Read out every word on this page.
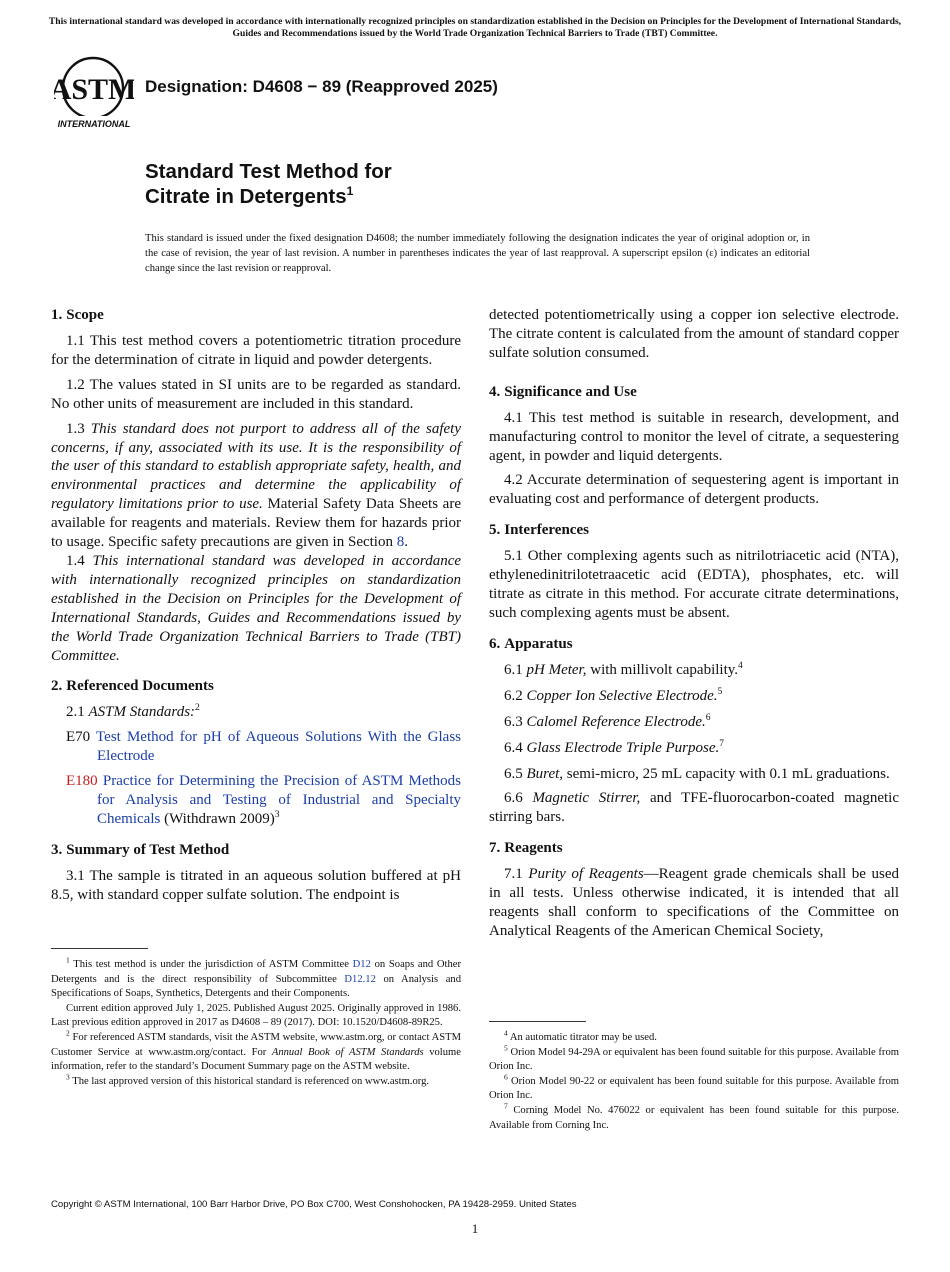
This international standard was developed in accordance with internationally recognized principles on standardization established in the Decision on Principles for the Development of International Standards, Guides and Recommendations issued by the World Trade Organization Technical Barriers to Trade (TBT) Committee.
ASTM
INTERNATIONAL
Designation: D4608 − 89 (Reapproved 2025)
Standard Test Method for
Citrate in Detergents$^1$
This standard is issued under the fixed designation D4608; the number immediately following the designation indicates the year of original adoption or, in the case of revision, the year of last revision. A number in parentheses indicates the year of last reapproval. A superscript epsilon (ε) indicates an editorial change since the last revision or reapproval.
1. Scope

1.1 This test method covers a potentiometric titration procedure for the determination of citrate in liquid and powder detergents.

1.2 The values stated in SI units are to be regarded as standard. No other units of measurement are included in this standard.

1.3 This standard does not purport to address all of the safety concerns, if any, associated with its use. It is the responsibility of the user of this standard to establish appropriate safety, health, and environmental practices and determine the applicability of regulatory limitations prior to use. Material Safety Data Sheets are available for reagents and materials. Review them for hazards prior to usage. Specific safety precautions are given in Section 8.

1.4 This international standard was developed in accordance with internationally recognized principles on standardization established in the Decision on Principles for the Development of International Standards, Guides and Recommendations issued by the World Trade Organization Technical Barriers to Trade (TBT) Committee.

2. Referenced Documents

2.1 ASTM Standards:$^2$

E70 Test Method for pH of Aqueous Solutions With the Glass Electrode

E180 Practice for Determining the Precision of ASTM Methods for Analysis and Testing of Industrial and Specialty Chemicals (Withdrawn 2009)$^3$

3. Summary of Test Method

3.1 The sample is titrated in an aqueous solution buffered at pH 8.5, with standard copper sulfate solution. The endpoint is

$^1$ This test method is under the jurisdiction of ASTM Committee D12 on Soaps and Other Detergents and is the direct responsibility of Subcommittee D12.12 on Analysis and Specifications of Soaps, Synthetics, Detergents and their Components.

Current edition approved July 1, 2025. Published August 2025. Originally approved in 1986. Last previous edition approved in 2017 as D4608 – 89 (2017). DOI: 10.1520/D4608-89R25.

$^2$ For referenced ASTM standards, visit the ASTM website, www.astm.org, or contact ASTM Customer Service at www.astm.org/contact. For Annual Book of ASTM Standards volume information, refer to the standard’s Document Summary page on the ASTM website.

$^3$ The last approved version of this historical standard is referenced on www.astm.org.

detected potentiometrically using a copper ion selective electrode. The citrate content is calculated from the amount of standard copper sulfate solution consumed.

4. Significance and Use

4.1 This test method is suitable in research, development, and manufacturing control to monitor the level of citrate, a sequestering agent, in powder and liquid detergents.

4.2 Accurate determination of sequestering agent is important in evaluating cost and performance of detergent products.

5. Interferences

5.1 Other complexing agents such as nitrilotriacetic acid (NTA), ethylenedinitrilotetraacetic acid (EDTA), phosphates, etc. will titrate as citrate in this method. For accurate citrate determinations, such complexing agents must be absent.

6. Apparatus

6.1 pH Meter, with millivolt capability.$^4$

6.2 Copper Ion Selective Electrode.$^5$

6.3 Calomel Reference Electrode.$^6$

6.4 Glass Electrode Triple Purpose.$^7$

6.5 Buret, semi-micro, 25 mL capacity with 0.1 mL graduations.

6.6 Magnetic Stirrer, and TFE-fluorocarbon-coated magnetic stirring bars.

7. Reagents

7.1 Purity of Reagents—Reagent grade chemicals shall be used in all tests. Unless otherwise indicated, it is intended that all reagents shall conform to specifications of the Committee on Analytical Reagents of the American Chemical Society,

$^4$ An automatic titrator may be used.

$^5$ Orion Model 94-29A or equivalent has been found suitable for this purpose. Available from Orion Inc.

$^6$ Orion Model 90-22 or equivalent has been found suitable for this purpose. Available from Orion Inc.

$^7$ Corning Model No. 476022 or equivalent has been found suitable for this purpose. Available from Corning Inc.

Copyright © ASTM International, 100 Barr Harbor Drive, PO Box C700, West Conshohocken, PA 19428-2959. United States
1
